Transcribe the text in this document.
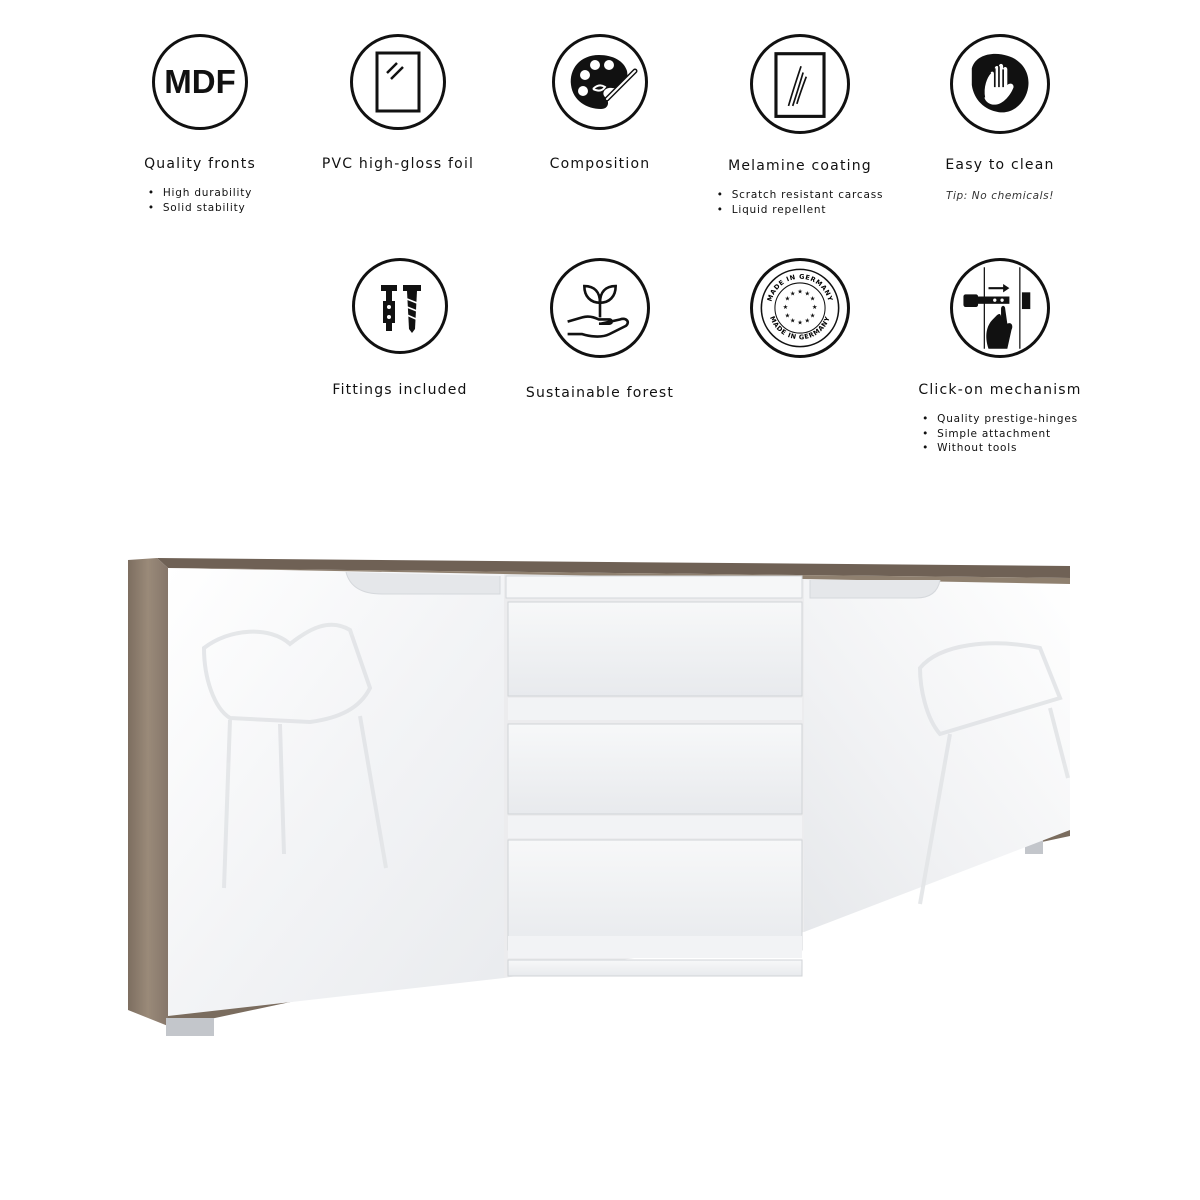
MDF
Quality fronts
• High durability
• Solid stability
PVC high-gloss foil	Composition	Melamine coating
• Scratch resistant carcass
• Liquid repellent
Easy to clean
Tip: No chemicals!
Fittings included	Sustainable forest
MADE IN GERMANY
MADE IN GERMANY
★ ★
★
★
★
★
★
★
★
★
★
★
Click-on mechanism
• Quality prestige-hinges
• Simple attachment
• Without tools
